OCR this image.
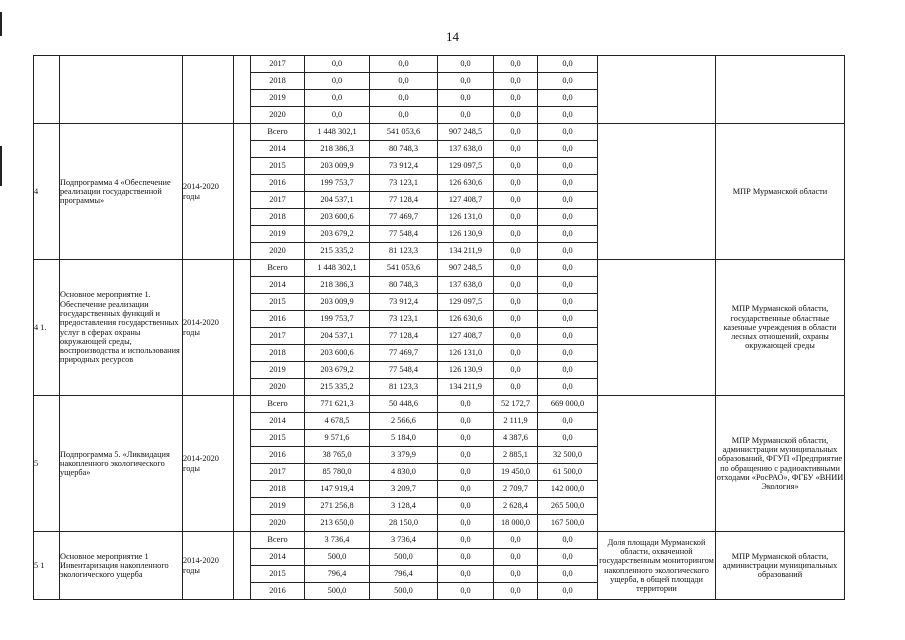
14
				2017	0,0	0,0	0,0	0,0	0,0		
				2018	0,0	0,0	0,0	0,0	0,0		
				2019	0,0	0,0	0,0	0,0	0,0		
				2020	0,0	0,0	0,0	0,0	0,0		
4	Подпрограмма 4 «Обеспечение реализации государственной программы»	2014-2020 годы		Всего	1 448 302,1	541 053,6	907 248,5	0,0	0,0		МПР Мурманской области
				2014	218 386,3	80 748,3	137 638,0	0,0	0,0		
				2015	203 009,9	73 912,4	129 097,5	0,0	0,0		
				2016	199 753,7	73 123,1	126 630,6	0,0	0,0		
				2017	204 537,1	77 128,4	127 408,7	0,0	0,0		
				2018	203 600,6	77 469,7	126 131,0	0,0	0,0		
				2019	203 679,2	77 548,4	126 130,9	0,0	0,0		
				2020	215 335,2	81 123,3	134 211,9	0,0	0,0		
4 1.	Основное мероприятие 1. Обеспечение реализации государственных функций и предоставления государственных услуг в сферах охраны окружающей среды, воспроизводства и использования природных ресурсов	2014-2020 годы		Всего	1 448 302,1	541 053,6	907 248,5	0,0	0,0		МПР Мурманской области, государственные областные казенные учреждения в области лесных отношений, охраны окружающей среды
				2014	218 386,3	80 748,3	137 638,0	0,0	0,0		
				2015	203 009,9	73 912,4	129 097,5	0,0	0,0		
				2016	199 753,7	73 123,1	126 630,6	0,0	0,0		
				2017	204 537,1	77 128,4	127 408,7	0,0	0,0		
				2018	203 600,6	77 469,7	126 131,0	0,0	0,0		
				2019	203 679,2	77 548,4	126 130,9	0,0	0,0		
				2020	215 335,2	81 123,3	134 211,9	0,0	0,0		
5	Подпрограмма 5. «Ликвидация накопленного экологического ущерба»	2014-2020 годы		Всего	771 621,3	50 448,6	0,0	52 172,7	669 000,0		МПР Мурманской области, администрации муниципальных образований, ФГУП «Предприятие по обращению с радиоактивными отходами «РосРАО», ФГБУ «ВНИИ Экология»
				2014	4 678,5	2 566,6	0,0	2 111,9	0,0		
				2015	9 571,6	5 184,0	0,0	4 387,6	0,0		
				2016	38 765,0	3 379,9	0,0	2 885,1	32 500,0		
				2017	85 780,0	4 830,0	0,0	19 450,0	61 500,0		
				2018	147 919,4	3 209,7	0,0	2 709,7	142 000,0		
				2019	271 256,8	3 128,4	0,0	2 628,4	265 500,0		
				2020	213 650,0	28 150,0	0,0	18 000,0	167 500,0		
5 1	Основное мероприятие 1 Инвентаризация накопленного экологического ущерба	2014-2020 годы		Всего	3 736,4	3 736,4	0,0	0,0	0,0	Доля площади Мурманской области, охваченной государственным мониторингом накопленного экологического ущерба, в общей площади территории	МПР Мурманской области, администрации муниципальных образований
				2014	500,0	500,0	0,0	0,0	0,0		
				2015	796,4	796,4	0,0	0,0	0,0		
				2016	500,0	500,0	0,0	0,0	0,0		
